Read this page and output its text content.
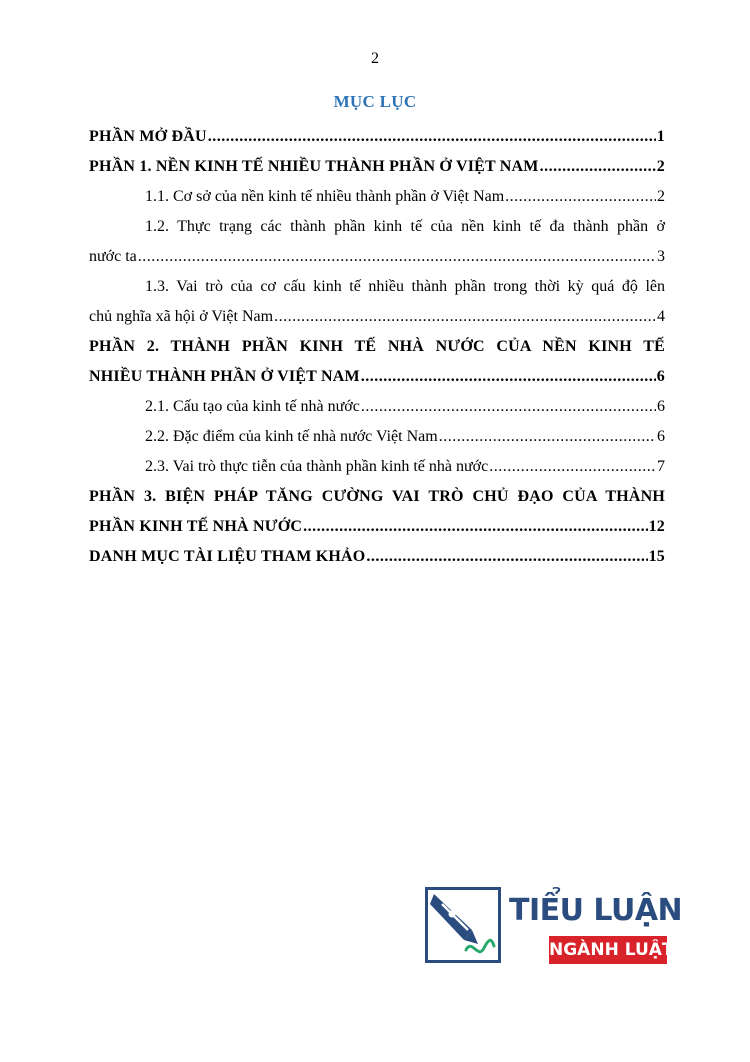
2
MỤC LỤC
PHẦN MỞ ĐẦU .....	1
PHẦN 1. NỀN KINH TẾ NHIỀU THÀNH PHẦN Ở VIỆT NAM .....	2
1.1. Cơ sở của nền kinh tế nhiều thành phần ở Việt Nam .....	2
1.2. Thực trạng các thành phần kinh tế của nền kinh tế đa thành phần ở
nước ta .....	3
1.3. Vai trò của cơ cấu kinh tế nhiều thành phần trong thời kỳ quá độ lên
chủ nghĩa xã hội ở Việt Nam .....	4
PHẦN 2. THÀNH PHẦN KINH TẾ NHÀ NƯỚC CỦA NỀN KINH TẾ
NHIỀU THÀNH PHẦN Ở VIỆT NAM .....	6
2.1. Cấu tạo của kinh tế nhà nước .....	6
2.2. Đặc điểm của kinh tế nhà nước Việt Nam .....	6
2.3. Vai trò thực tiễn của thành phần kinh tế nhà nước .....	7
PHẦN 3. BIỆN PHÁP TĂNG CƯỜNG VAI TRÒ CHỦ ĐẠO CỦA THÀNH
PHẦN KINH TẾ NHÀ NƯỚC .....	12
DANH MỤC TÀI LIỆU THAM KHẢO .....	15
TIỂU LUẬN
NGÀNH LUẬT
